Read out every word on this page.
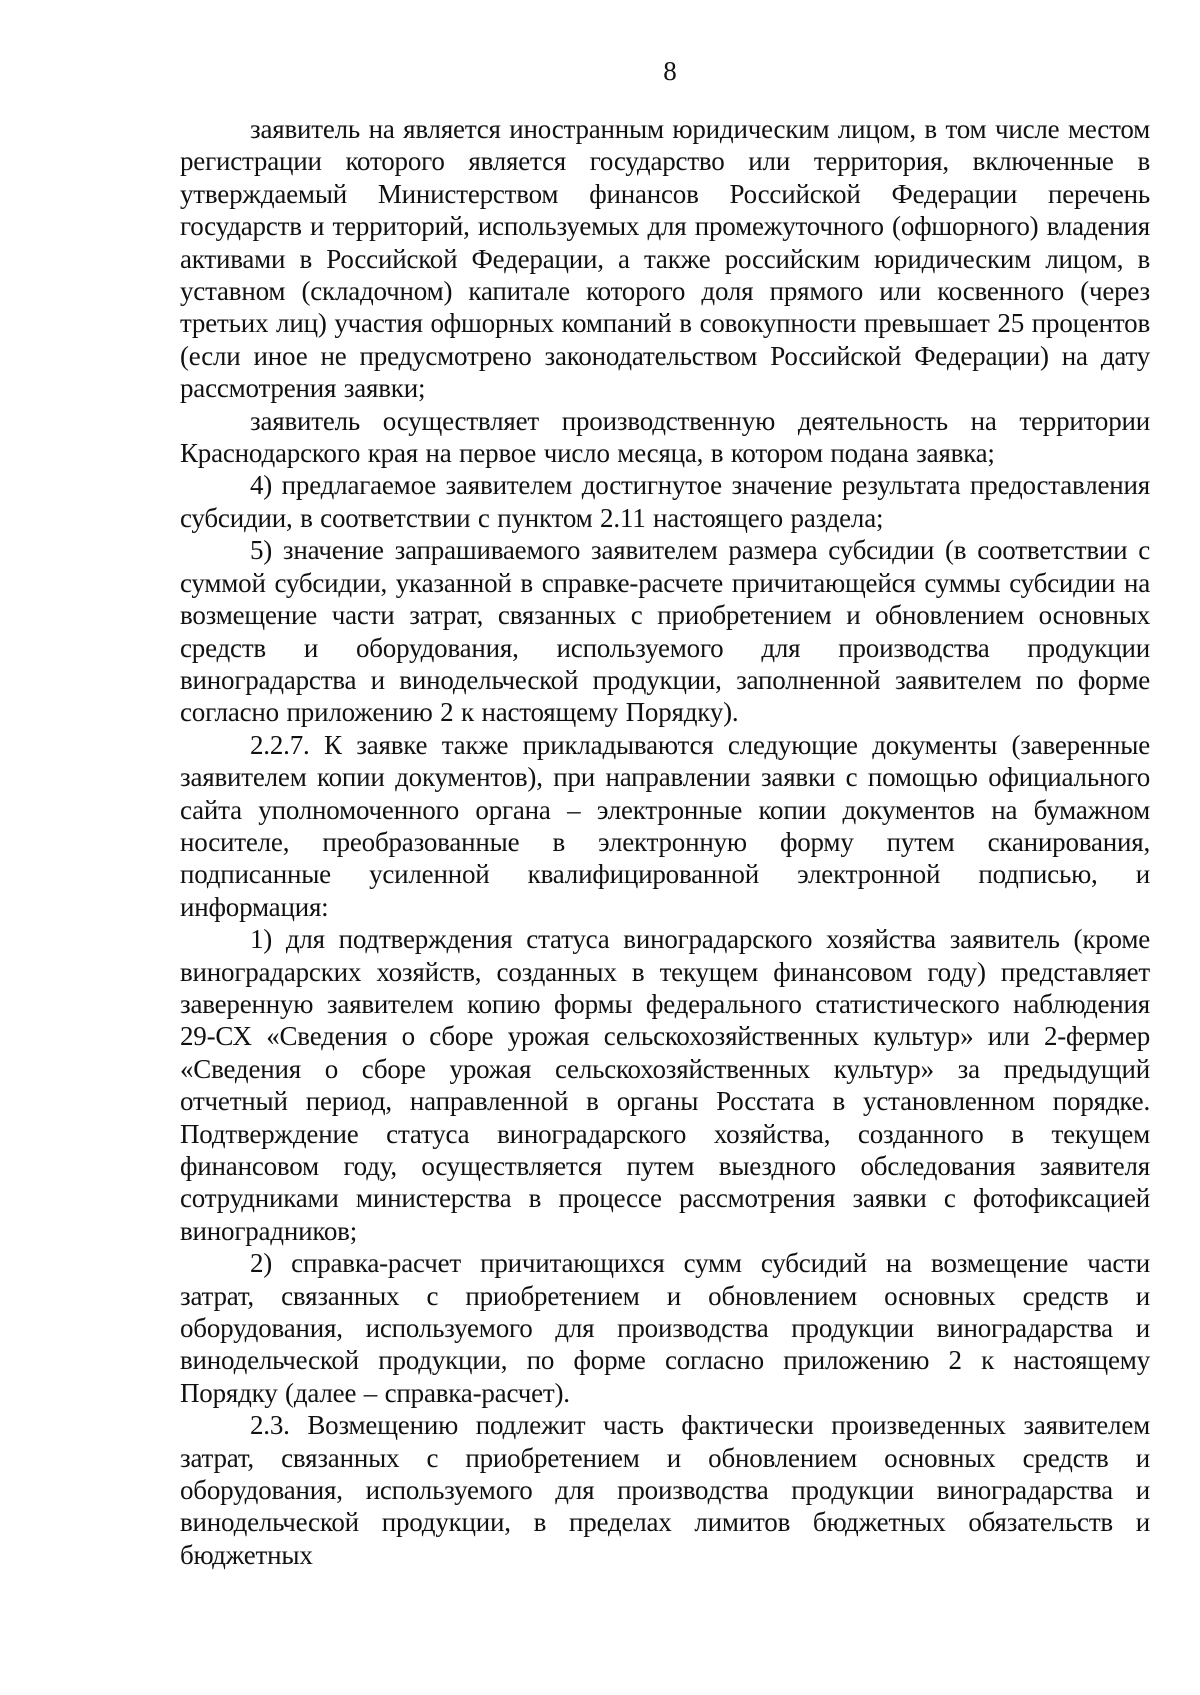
8

заявитель на является иностранным юридическим лицом, в том числе местом регистрации которого является государство или территория, включенные в утверждаемый Министерством финансов Российской Федерации перечень государств и территорий, используемых для промежуточного (офшорного) владения активами в Российской Федерации, а также российским юридическим лицом, в уставном (складочном) капитале которого доля прямого или косвенного (через третьих лиц) участия офшорных компаний в совокупности превышает 25 процентов (если иное не предусмотрено законодательством Российской Федерации) на дату рассмотрения заявки;

заявитель осуществляет производственную деятельность на территории Краснодарского края на первое число месяца, в котором подана заявка;

4) предлагаемое заявителем достигнутое значение результата предоставления субсидии, в соответствии с пунктом 2.11 настоящего раздела;

5) значение запрашиваемого заявителем размера субсидии (в соответствии с суммой субсидии, указанной в справке-расчете причитающейся суммы субсидии на возмещение части затрат, связанных с приобретением и обновлением основных средств и оборудования, используемого для производства продукции виноградарства и винодельческой продукции, заполненной заявителем по форме согласно приложению 2 к настоящему Порядку).

2.2.7. К заявке также прикладываются следующие документы (заверенные заявителем копии документов), при направлении заявки с помощью официального сайта уполномоченного органа – электронные копии документов на бумажном носителе, преобразованные в электронную форму путем сканирования, подписанные усиленной квалифицированной электронной подписью, и информация:

1) для подтверждения статуса виноградарского хозяйства заявитель (кроме виноградарских хозяйств, созданных в текущем финансовом году) представляет заверенную заявителем копию формы федерального статистического наблюдения 29-СХ «Сведения о сборе урожая сельскохозяйственных культур» или 2-фермер «Сведения о сборе урожая сельскохозяйственных культур» за предыдущий отчетный период, направленной в органы Росстата в установленном порядке. Подтверждение статуса виноградарского хозяйства, созданного в текущем финансовом году, осуществляется путем выездного обследования заявителя сотрудниками министерства в процессе рассмотрения заявки с фотофиксацией виноградников;

2) справка-расчет причитающихся сумм субсидий на возмещение части затрат, связанных с приобретением и обновлением основных средств и оборудования, используемого для производства продукции виноградарства и винодельческой продукции, по форме согласно приложению 2 к настоящему Порядку (далее – справка-расчет).

2.3. Возмещению подлежит часть фактически произведенных заявителем затрат, связанных с приобретением и обновлением основных средств и оборудования, используемого для производства продукции виноградарства и винодельческой продукции, в пределах лимитов бюджетных обязательств и бюджетных
